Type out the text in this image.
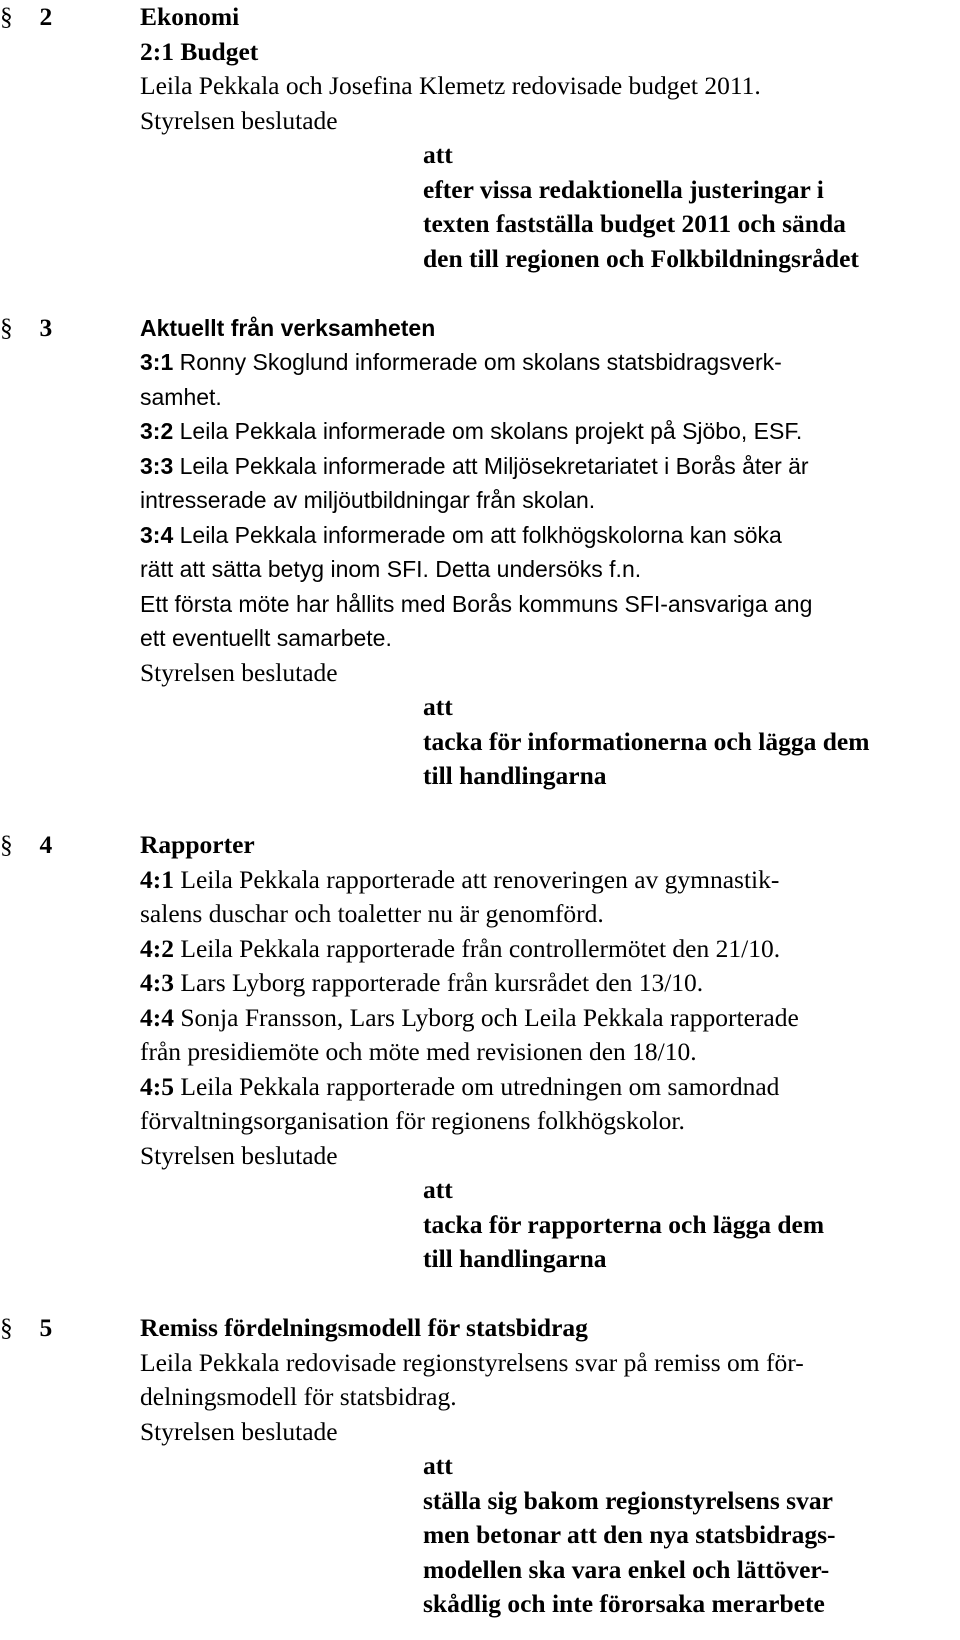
§ 2	Ekonomi
2:1 Budget
Leila Pekkala och Josefina Klemetz redovisade budget 2011.
Styrelsen beslutade
att
efter vissa redaktionella justeringar i
texten fastställa budget 2011 och sända
den till regionen och Folkbildningsrådet
§ 3	Aktuellt från verksamheten
3:1 Ronny Skoglund informerade om skolans statsbidragsverk-
samhet.
3:2 Leila Pekkala informerade om skolans projekt på Sjöbo, ESF.
3:3 Leila Pekkala informerade att Miljösekretariatet i Borås åter är
intresserade av miljöutbildningar från skolan.
3:4 Leila Pekkala informerade om att folkhögskolorna kan söka
rätt att sätta betyg inom SFI. Detta undersöks f.n.
Ett första möte har hållits med Borås kommuns SFI-ansvariga ang
ett eventuellt samarbete.
Styrelsen beslutade
att
tacka för informationerna och lägga dem
till handlingarna
§ 4	Rapporter
4:1 Leila Pekkala rapporterade att renoveringen av gymnastik-
salens duschar och toaletter nu är genomförd.
4:2 Leila Pekkala rapporterade från controllermötet den 21/10.
4:3 Lars Lyborg rapporterade från kursrådet den 13/10.
4:4 Sonja Fransson, Lars Lyborg och Leila Pekkala rapporterade
från presidiemöte och möte med revisionen den 18/10.
4:5 Leila Pekkala rapporterade om utredningen om samordnad
förvaltningsorganisation för regionens folkhögskolor.
Styrelsen beslutade
att
tacka för rapporterna och lägga dem
till handlingarna
§ 5	Remiss fördelningsmodell för statsbidrag
Leila Pekkala redovisade regionstyrelsens svar på remiss om för-
delningsmodell för statsbidrag.
Styrelsen beslutade
att
ställa sig bakom regionstyrelsens svar
men betonar att den nya statsbidrags-
modellen ska vara enkel och lättöver-
skådlig och inte förorsaka merarbete
